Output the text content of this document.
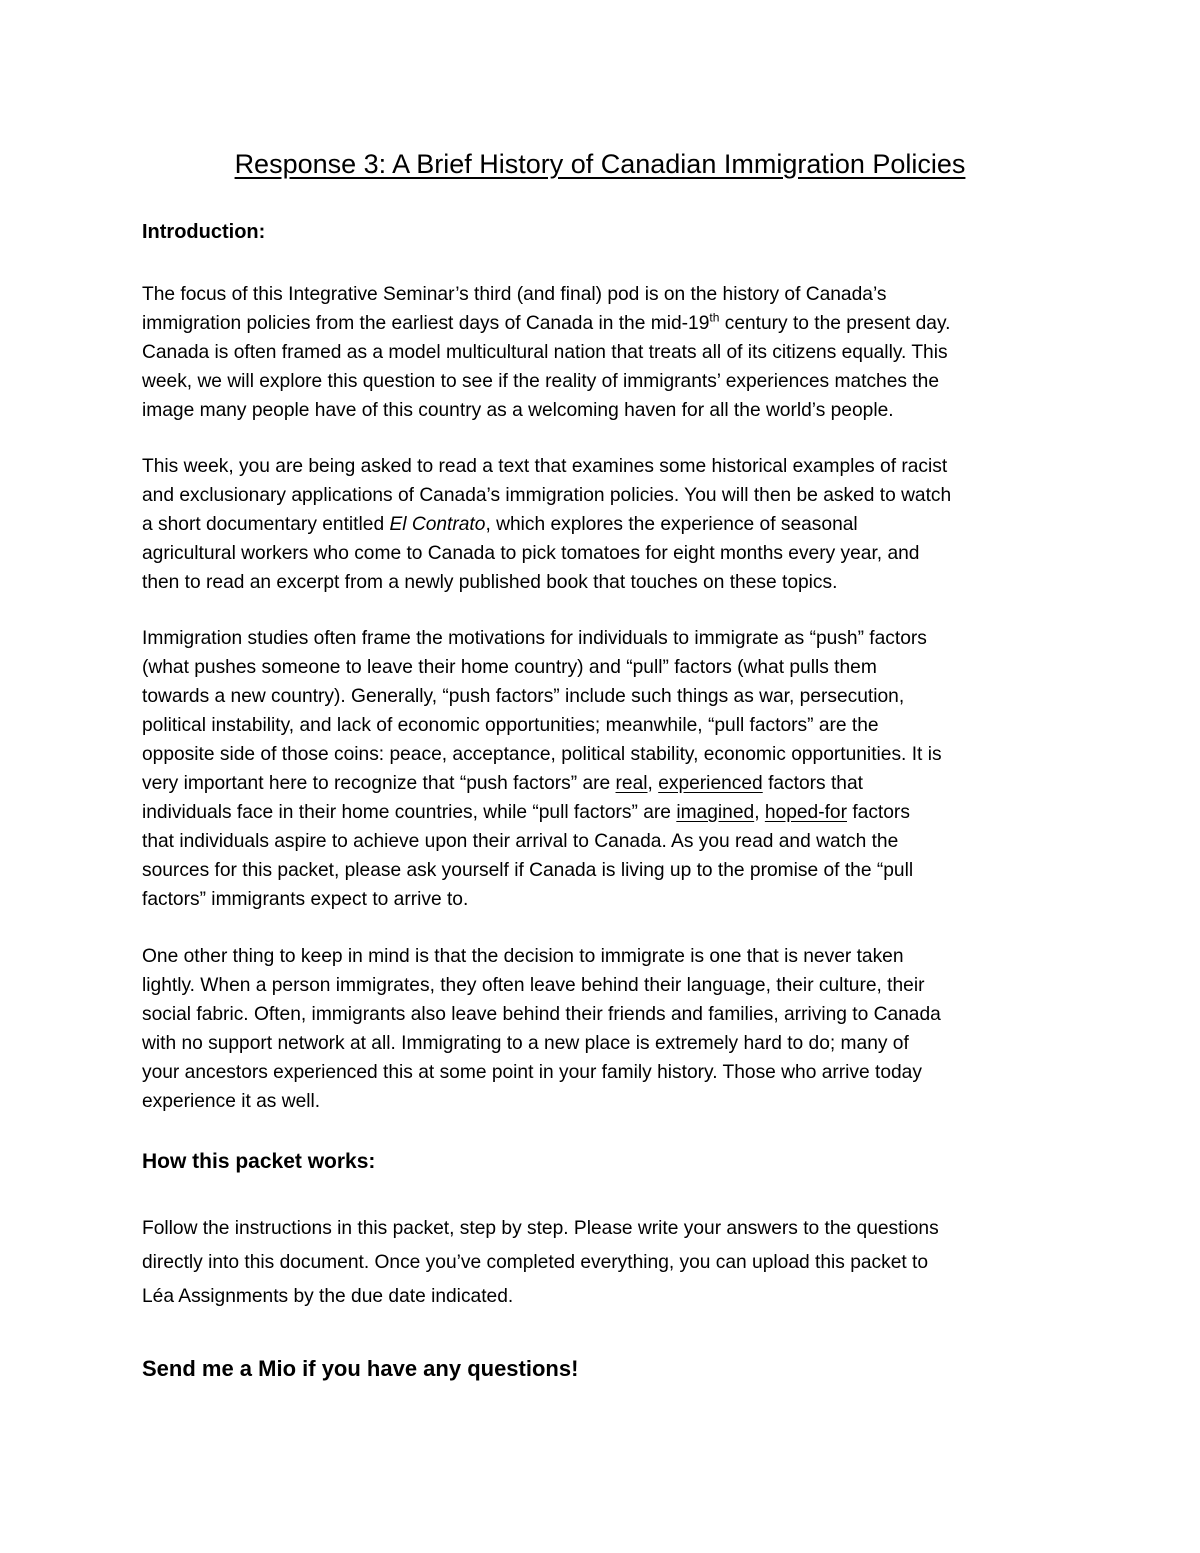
Response 3: A Brief History of Canadian Immigration Policies
Introduction:

The focus of this Integrative Seminar’s third (and final) pod is on the history of Canada’s
immigration policies from the earliest days of Canada in the mid-19th century to the present day.
Canada is often framed as a model multicultural nation that treats all of its citizens equally. This
week, we will explore this question to see if the reality of immigrants’ experiences matches the
image many people have of this country as a welcoming haven for all the world’s people.

This week, you are being asked to read a text that examines some historical examples of racist
and exclusionary applications of Canada’s immigration policies. You will then be asked to watch
a short documentary entitled El Contrato, which explores the experience of seasonal
agricultural workers who come to Canada to pick tomatoes for eight months every year, and
then to read an excerpt from a newly published book that touches on these topics.

Immigration studies often frame the motivations for individuals to immigrate as “push” factors
(what pushes someone to leave their home country) and “pull” factors (what pulls them
towards a new country). Generally, “push factors” include such things as war, persecution,
political instability, and lack of economic opportunities; meanwhile, “pull factors” are the
opposite side of those coins: peace, acceptance, political stability, economic opportunities. It is
very important here to recognize that “push factors” are real, experienced factors that
individuals face in their home countries, while “pull factors” are imagined, hoped-for factors
that individuals aspire to achieve upon their arrival to Canada. As you read and watch the
sources for this packet, please ask yourself if Canada is living up to the promise of the “pull
factors” immigrants expect to arrive to.

One other thing to keep in mind is that the decision to immigrate is one that is never taken
lightly. When a person immigrates, they often leave behind their language, their culture, their
social fabric. Often, immigrants also leave behind their friends and families, arriving to Canada
with no support network at all. Immigrating to a new place is extremely hard to do; many of
your ancestors experienced this at some point in your family history. Those who arrive today
experience it as well.

How this packet works:

Follow the instructions in this packet, step by step. Please write your answers to the questions
directly into this document. Once you’ve completed everything, you can upload this packet to
Léa Assignments by the due date indicated.

Send me a Mio if you have any questions!
